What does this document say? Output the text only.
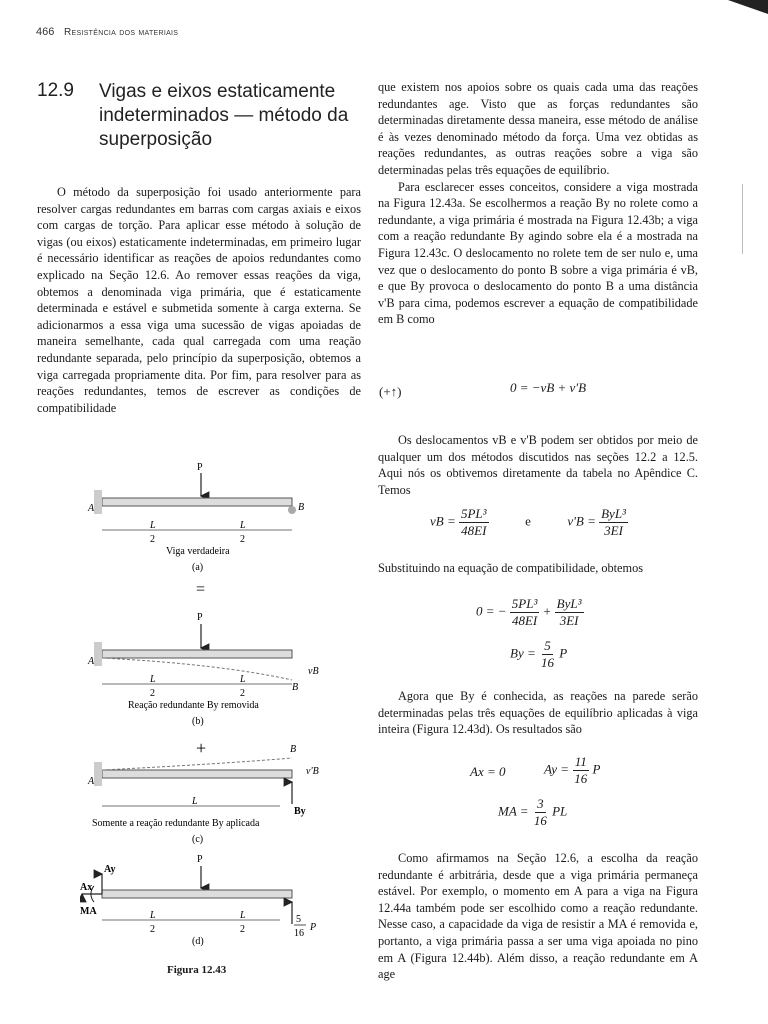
466 Resistência dos materiais
12.9 Vigas e eixos estaticamente indeterminados — método da superposição

O método da superposição foi usado anteriormente para resolver cargas redundantes em barras com cargas axiais e eixos com cargas de torção. Para aplicar esse método à solução de vigas (ou eixos) estaticamente indeterminadas, em primeiro lugar é necessário identificar as reações de apoios redundantes como explicado na Seção 12.6. Ao remover essas reações da viga, obtemos a denominada viga primária, que é estaticamente determinada e estável e submetida somente à carga externa. Se adicionarmos a essa viga uma sucessão de vigas apoiadas de maneira semelhante, cada qual carregada com uma reação redundante separada, pelo princípio da superposição, obtemos a viga carregada propriamente dita. Por fim, para resolver para as reações redundantes, temos de escrever as condições de compatibilidade

que existem nos apoios sobre os quais cada uma das reações redundantes age. Visto que as forças redundantes são determinadas diretamente dessa maneira, esse método de análise é às vezes denominado método da força. Uma vez obtidas as reações redundantes, as outras reações sobre a viga são determinadas pelas três equações de equilíbrio.

Para esclarecer esses conceitos, considere a viga mostrada na Figura 12.43a. Se escolhermos a reação By no rolete como a redundante, a viga primária é mostrada na Figura 12.43b; a viga com a reação redundante By agindo sobre ela é a mostrada na Figura 12.43c. O deslocamento no rolete tem de ser nulo e, uma vez que o deslocamento do ponto B sobre a viga primária é vB, e que By provoca o deslocamento do ponto B a uma distância v'B para cima, podemos escrever a equação de compatibilidade em B como

(+↑)	0 = −vB + v'B

Os deslocamentos vB e v'B podem ser obtidos por meio de qualquer um dos métodos discutidos nas seções 12.2 a 12.5. Aqui nós os obtivemos diretamente da tabela no Apêndice C. Temos

vB = $\frac{\text{5PL³}}{48EI}$	e	$v'B = \frac{\text{ByL³}}{3EI}$
Substituindo na equação de compatibilidade, obtemos
0 = − $\frac{\text{5PL³}}{48EI} + \frac{\text{ByL³}}{3EI}$
$By = \frac{5}{16}$ P

Agora que By é conhecida, as reações na parede serão determinadas pelas três equações de equilíbrio aplicadas à viga inteira (Figura 12.43d). Os resultados são

Ax = 0	$Ay = \frac{11}{16}$ P
MA = $\frac{3}{16}$ PL

Como afirmamos na Seção 12.6, a escolha da reação redundante é arbitrária, desde que a viga primária permaneça estável. Por exemplo, o momento em A para a viga na Figura 12.44a também pode ser escolhido como a reação redundante. Nesse caso, a capacidade da viga de resistir a MA é removida e, portanto, a viga primária passa a ser uma viga apoiada no pino em A (Figura 12.44b). Além disso, a reação redundante em A age

P
A	B
L
2
L
2
Viga verdadeira
(a)
=
P
A
vB
B
L
2
L
2
Reação redundante By removida
(b)
+	B
A
v'B
By
L
Somente a reação redundante By aplicada
(c)
P
Ay
Ax
MA
5
16
P
L
2
L
2
(d)
Figura 12.43
